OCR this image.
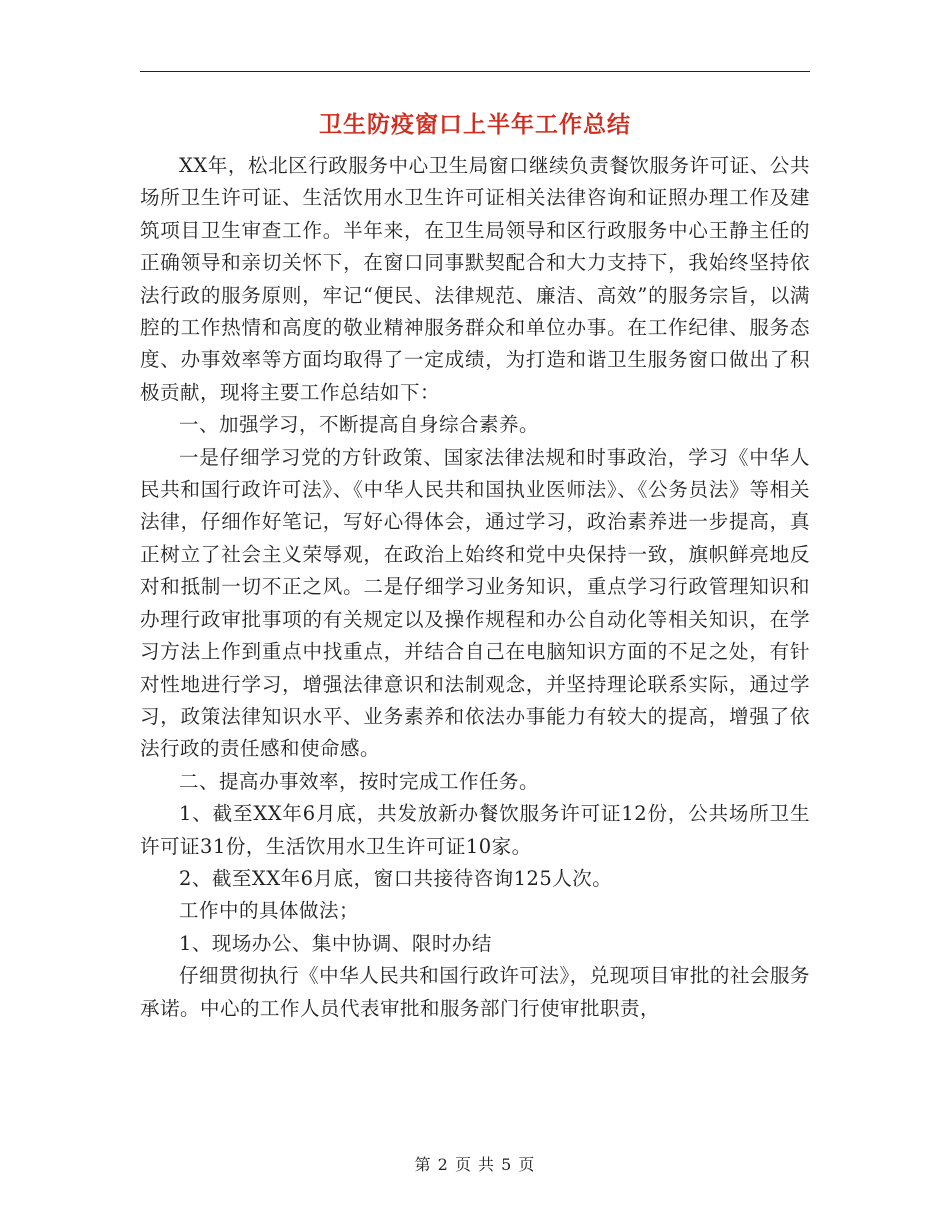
卫生防疫窗口上半年工作总结

XX年，松北区行政服务中心卫生局窗口继续负责餐饮服务许可证、公共场所卫生许可证、生活饮用水卫生许可证相关法律咨询和证照办理工作及建筑项目卫生审查工作。半年来，在卫生局领导和区行政服务中心王静主任的正确领导和亲切关怀下，在窗口同事默契配合和大力支持下，我始终坚持依法行政的服务原则，牢记“便民、法律规范、廉洁、高效”的服务宗旨，以满腔的工作热情和高度的敬业精神服务群众和单位办事。在工作纪律、服务态度、办事效率等方面均取得了一定成绩，为打造和谐卫生服务窗口做出了积极贡献，现将主要工作总结如下：

一、加强学习，不断提高自身综合素养。

一是仔细学习党的方针政策、国家法律法规和时事政治，学习《中华人民共和国行政许可法》、《中华人民共和国执业医师法》、《公务员法》等相关法律，仔细作好笔记，写好心得体会，通过学习，政治素养进一步提高，真正树立了社会主义荣辱观，在政治上始终和党中央保持一致，旗帜鲜亮地反对和抵制一切不正之风。二是仔细学习业务知识，重点学习行政管理知识和办理行政审批事项的有关规定以及操作规程和办公自动化等相关知识，在学习方法上作到重点中找重点，并结合自己在电脑知识方面的不足之处，有针对性地进行学习，增强法律意识和法制观念，并坚持理论联系实际，通过学习，政策法律知识水平、业务素养和依法办事能力有较大的提高，增强了依法行政的责任感和使命感。

二、提高办事效率，按时完成工作任务。

1、截至XX年6月底，共发放新办餐饮服务许可证12份，公共场所卫生许可证31份，生活饮用水卫生许可证10家。

2、截至XX年6月底，窗口共接待咨询125人次。

工作中的具体做法；

1、现场办公、集中协调、限时办结

仔细贯彻执行《中华人民共和国行政许可法》，兑现项目审批的社会服务承诺。中心的工作人员代表审批和服务部门行使审批职责，

第 2 页 共 5 页
